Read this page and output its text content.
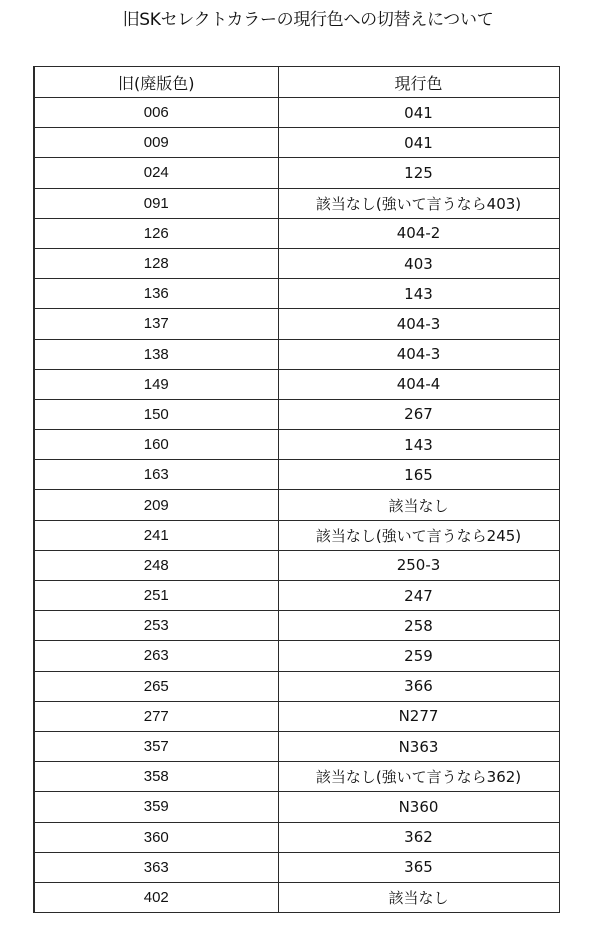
旧SKセレクトカラーの現行色への切替えについて
旧(廃版色)	現行色
006	041
009	041
024	125
091	該当なし(強いて言うなら403)
126	404-2
128	403
136	143
137	404-3
138	404-3
149	404-4
150	267
160	143
163	165
209	該当なし
241	該当なし(強いて言うなら245)
248	250-3
251	247
253	258
263	259
265	366
277	N277
357	N363
358	該当なし(強いて言うなら362)
359	N360
360	362
363	365
402	該当なし
